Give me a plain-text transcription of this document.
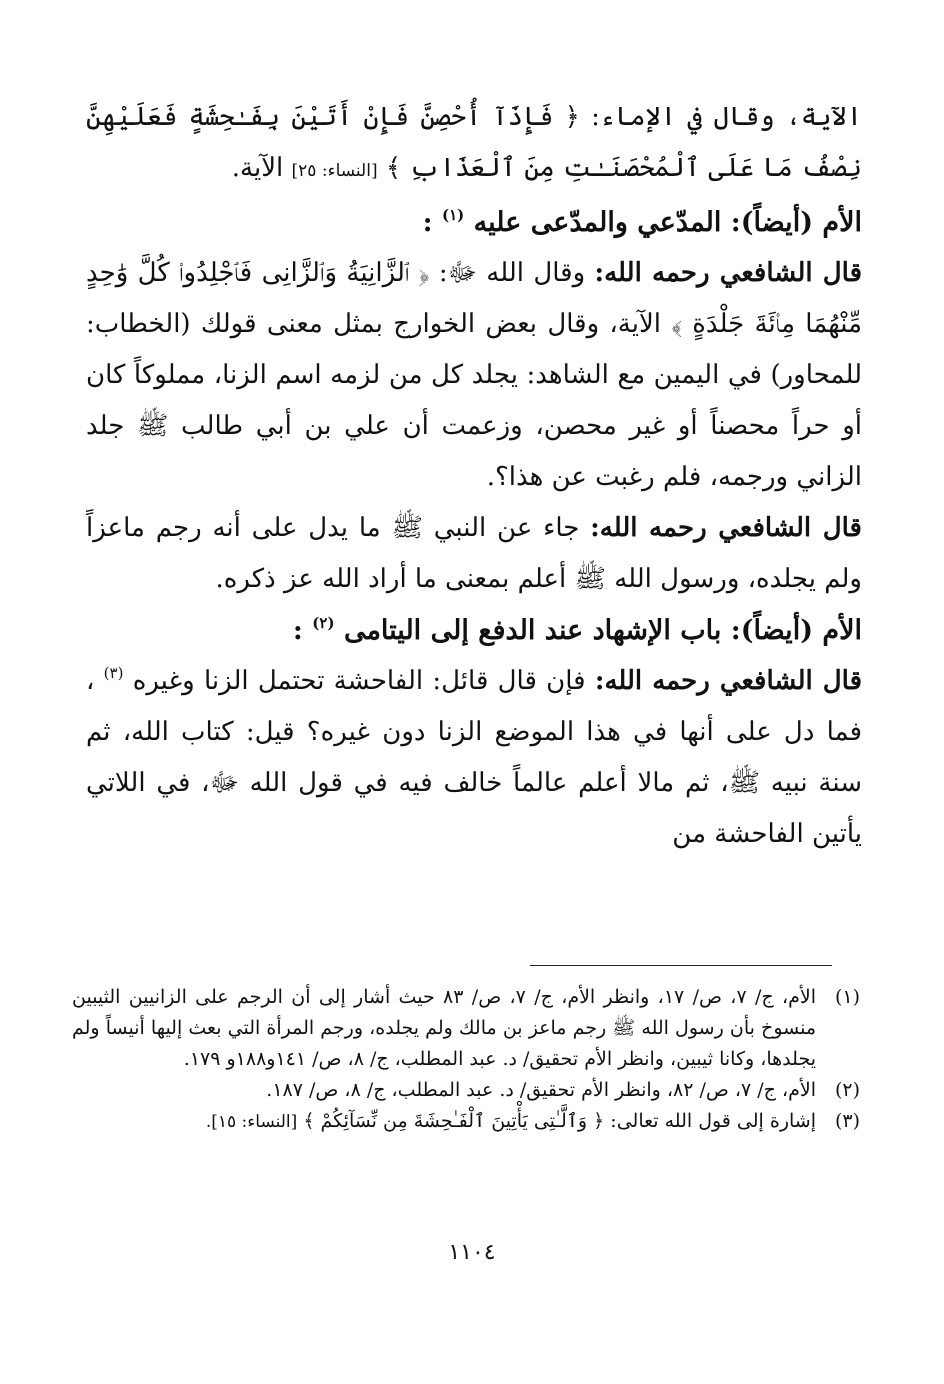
الآية، وقال في الإماء: ﴿ فَإِذَآ أُحْصِنَّ فَإِنْ أَتَيْنَ بِفَـٰحِشَةٍ فَعَلَيْهِنَّ نِصْفُ مَا عَلَى ٱلْمُحْصَنَـٰتِ مِنَ ٱلْعَذَابِ ﴾ [النساء: ٢٥] الآية.

الأم (أيضاً): المدّعي والمدّعى عليه $^{(١)}$ :

قال الشافعي رحمه الله: وقال الله ﷻ: ﴿ ٱلزَّانِيَةُ وَٱلزَّانِى فَٱجْلِدُوا۟ كُلَّ وَٰحِدٍ مِّنْهُمَا مِا۟ئَةَ جَلْدَةٍ ﴾ الآية، وقال بعض الخوارج بمثل معنى قولك (الخطاب: للمحاور) في اليمين مع الشاهد: يجلد كل من لزمه اسم الزنا، مملوكاً كان أو حراً محصناً أو غير محصن، وزعمت أن علي بن أبي طالب ﷺ جلد الزاني ورجمه، فلم رغبت عن هذا؟.

قال الشافعي رحمه الله: جاء عن النبي ﷺ ما يدل على أنه رجم ماعزاً ولم يجلده، ورسول الله ﷺ أعلم بمعنى ما أراد الله عز ذكره.

الأم (أيضاً): باب الإشهاد عند الدفع إلى اليتامى $^{(٢)}$ :

قال الشافعي رحمه الله: فإن قال قائل: الفاحشة تحتمل الزنا وغيره $^{(٣)}$ ، فما دل على أنها في هذا الموضع الزنا دون غيره؟ قيل: كتاب الله، ثم سنة نبيه ﷺ، ثم مالا أعلم عالماً خالف فيه في قول الله ﷻ، في اللاتي يأتين الفاحشة من

(١)
الأم، ج/ ٧، ص/ ١٧، وانظر الأم، ج/ ٧، ص/ ٨٣ حيث أشار إلى أن الرجم على الزانيين الثيبين منسوخ بأن رسول الله ﷺ رجم ماعز بن مالك ولم يجلده، ورجم المرأة التي بعث إليها أنيساً ولم يجلدها، وكانا ثيبين، وانظر الأم تحقيق/ د. عبد المطلب، ج/ ٨، ص/ ١٤١و١٨٨و ١٧٩.
(٢)
الأم، ج/ ٧، ص/ ٨٢، وانظر الأم تحقيق/ د. عبد المطلب، ج/ ٨، ص/ ١٨٧.
(٣)
إشارة إلى قول الله تعالى: ﴿ وَٱلَّـٰتِى يَأْتِينَ ٱلْفَـٰحِشَةَ مِن نِّسَآئِكُمْ ﴾ [النساء: ١٥].
١١٠٤
